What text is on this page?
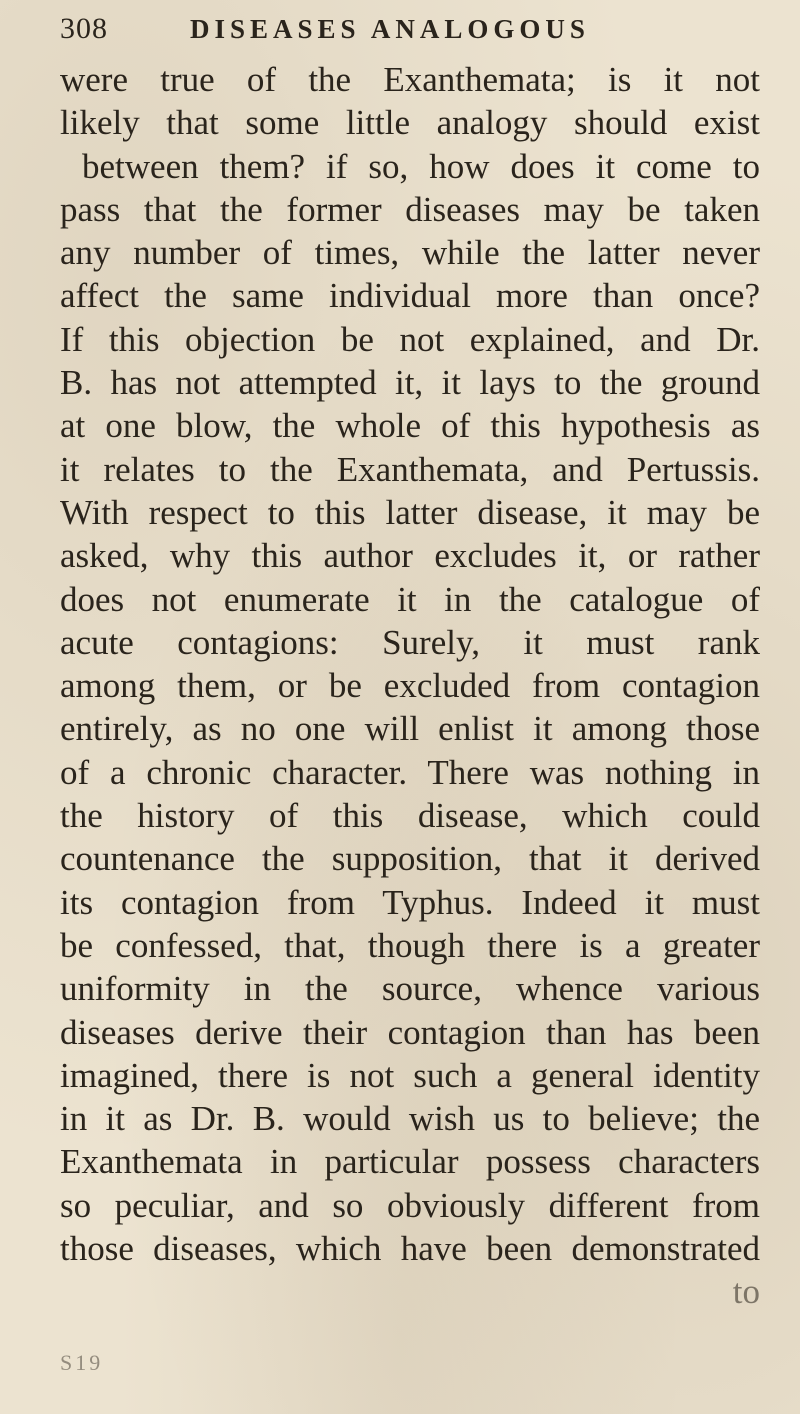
308	DISEASES ANALOGOUS
were true of the Exanthemata; is it not
likely that some little analogy should exist
between them? if so, how does it come to
pass that the former diseases may be taken
any number of times, while the latter never
affect the same individual more than once?
If this objection be not explained, and Dr.
B. has not attempted it, it lays to the ground
at one blow, the whole of this hypothesis as
it relates to the Exanthemata, and Pertussis.
With respect to this latter disease, it may be
asked, why this author excludes it, or rather
does not enumerate it in the catalogue of
acute contagions: Surely, it must rank
among them, or be excluded from contagion
entirely, as no one will enlist it among those
of a chronic character. There was nothing in
the history of this disease, which could
countenance the supposition, that it derived
its contagion from Typhus. Indeed it must
be confessed, that, though there is a greater
uniformity in the source, whence various
diseases derive their contagion than has been
imagined, there is not such a general identity
in it as Dr. B. would wish us to believe; the
Exanthemata in particular possess characters
so peculiar, and so obviously different from
those diseases, which have been demonstrated
to
S19
